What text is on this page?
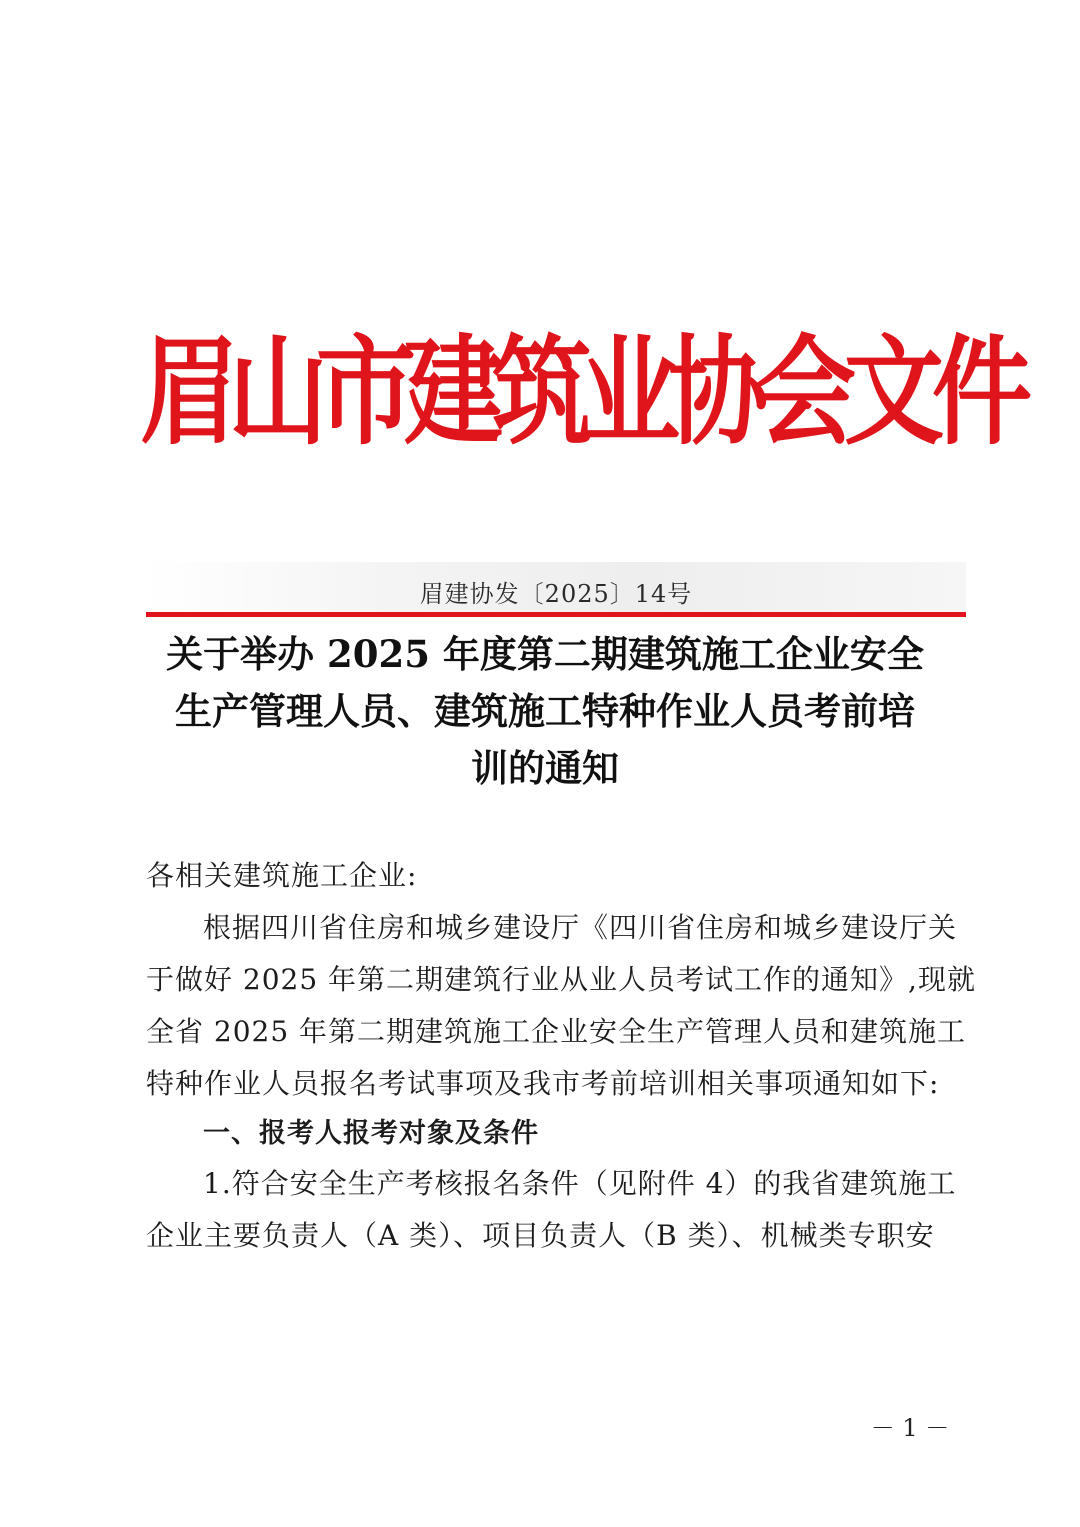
眉山市建筑业协会文件
眉建协发〔2025〕14号
关于举办 2025 年度第二期建筑施工企业安全
生产管理人员、建筑施工特种作业人员考前培
训的通知
各相关建筑施工企业:
根据四川省住房和城乡建设厅《四川省住房和城乡建设厅关
于做好 2025 年第二期建筑行业从业人员考试工作的通知》,现就
全省 2025 年第二期建筑施工企业安全生产管理人员和建筑施工
特种作业人员报名考试事项及我市考前培训相关事项通知如下:
一、报考人报考对象及条件
1.符合安全生产考核报名条件（见附件 4）的我省建筑施工
企业主要负责人（A 类）、项目负责人（B 类）、机械类专职安
－ 1 －
